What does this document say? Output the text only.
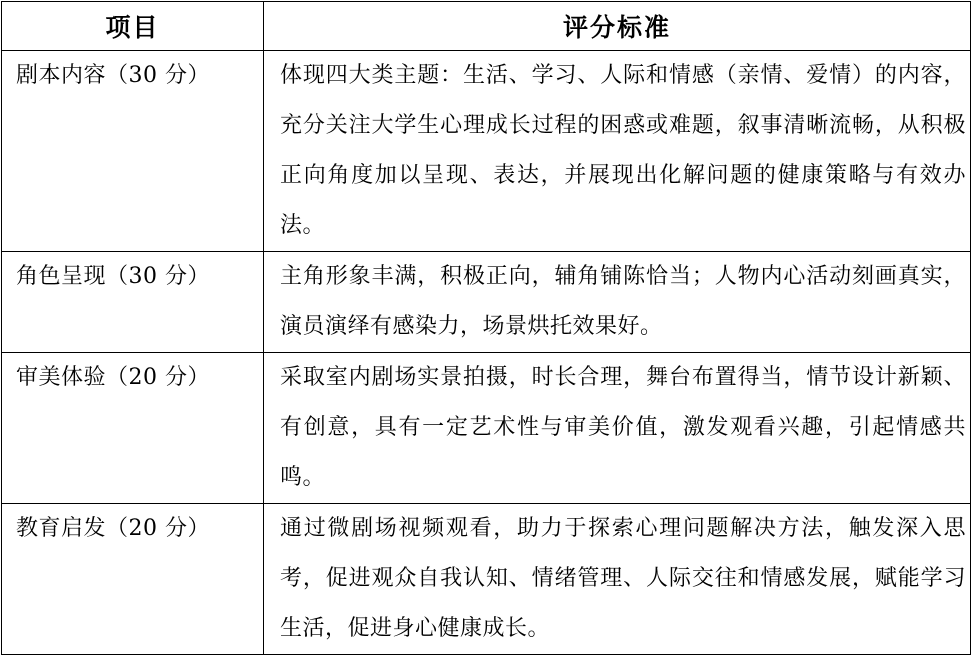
项目	评分标准
剧本内容（30 分）	体现四大类主题：生活、学习、人际和情感（亲情、爱情）的内容，充分关注大学生心理成长过程的困惑或难题，叙事清晰流畅，从积极正向角度加以呈现、表达，并展现出化解问题的健康策略与有效办法。
角色呈现（30 分）	主角形象丰满，积极正向，辅角铺陈恰当；人物内心活动刻画真实，演员演绎有感染力，场景烘托效果好。
审美体验（20 分）	采取室内剧场实景拍摄，时长合理，舞台布置得当，情节设计新颖、有创意，具有一定艺术性与审美价值，激发观看兴趣，引起情感共鸣。
教育启发（20 分）	通过微剧场视频观看，助力于探索心理问题解决方法，触发深入思考，促进观众自我认知、情绪管理、人际交往和情感发展，赋能学习生活，促进身心健康成长。
